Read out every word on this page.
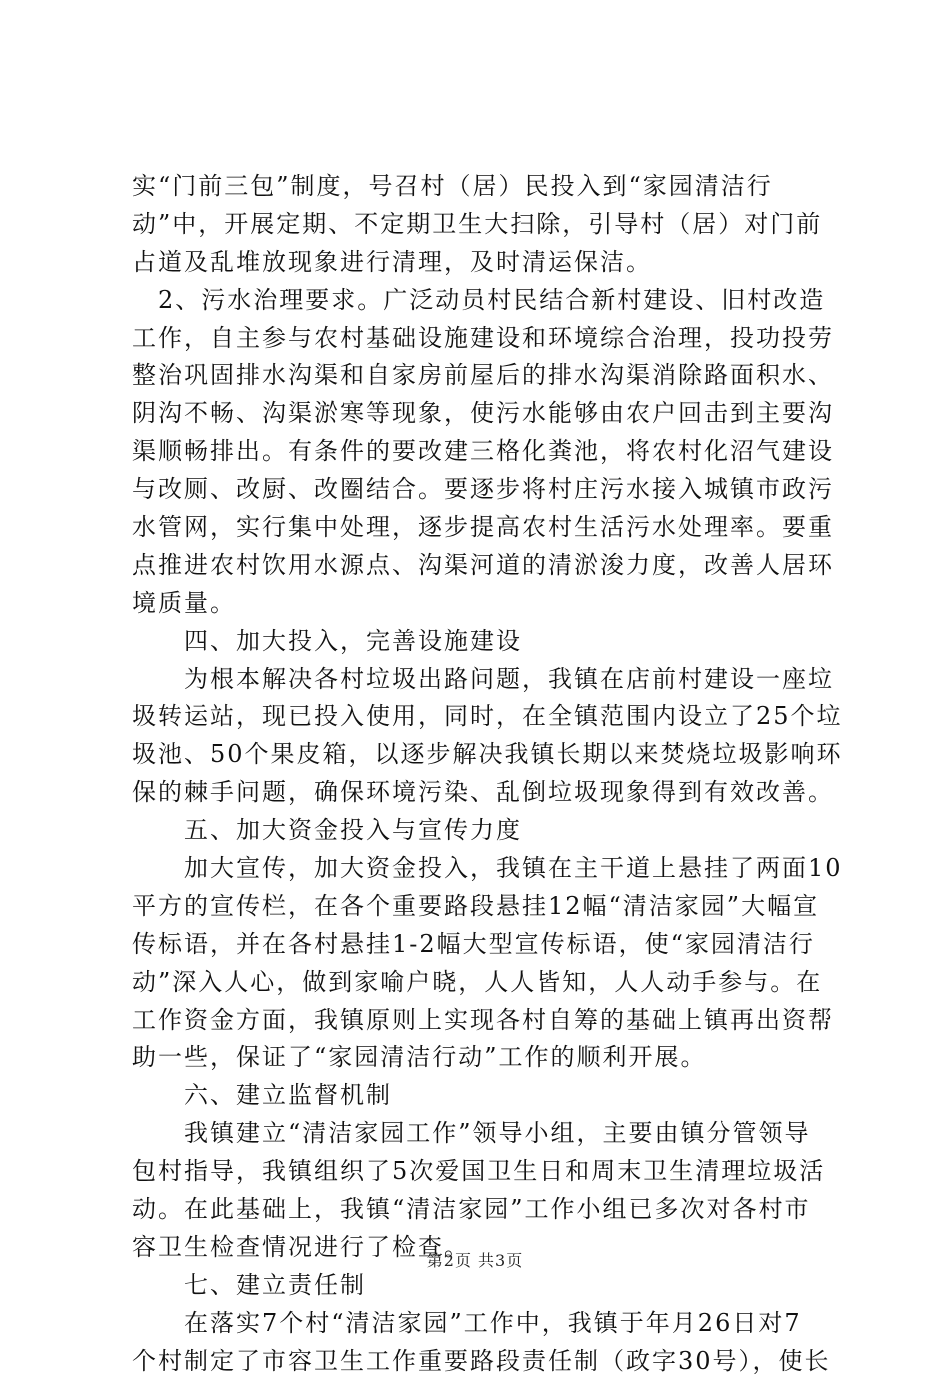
实“门前三包”制度，号召村（居）民投入到“家园清洁行
动”中，开展定期、不定期卫生大扫除，引导村（居）对门前
占道及乱堆放现象进行清理，及时清运保洁。
　2、污水治理要求。广泛动员村民结合新村建设、旧村改造
工作，自主参与农村基础设施建设和环境综合治理，投功投劳
整治巩固排水沟渠和自家房前屋后的排水沟渠消除路面积水、
阴沟不畅、沟渠淤寒等现象，使污水能够由农户回击到主要沟
渠顺畅排出。有条件的要改建三格化粪池，将农村化沼气建设
与改厕、改厨、改圈结合。要逐步将村庄污水接入城镇市政污
水管网，实行集中处理，逐步提高农村生活污水处理率。要重
点推进农村饮用水源点、沟渠河道的清淤浚力度，改善人居环
境质量。
　　四、加大投入，完善设施建设
　　为根本解决各村垃圾出路问题，我镇在店前村建设一座垃
圾转运站，现已投入使用，同时，在全镇范围内设立了25个垃
圾池、50个果皮箱，以逐步解决我镇长期以来焚烧垃圾影响环
保的棘手问题，确保环境污染、乱倒垃圾现象得到有效改善。
　　五、加大资金投入与宣传力度
　　加大宣传，加大资金投入，我镇在主干道上悬挂了两面10
平方的宣传栏，在各个重要路段悬挂12幅“清洁家园”大幅宣
传标语，并在各村悬挂1-2幅大型宣传标语，使“家园清洁行
动”深入人心，做到家喻户晓，人人皆知，人人动手参与。在
工作资金方面，我镇原则上实现各村自筹的基础上镇再出资帮
助一些，保证了“家园清洁行动”工作的顺利开展。
　　六、建立监督机制
　　我镇建立“清洁家园工作”领导小组，主要由镇分管领导
包村指导，我镇组织了5次爱国卫生日和周末卫生清理垃圾活
动。在此基础上，我镇“清洁家园”工作小组已多次对各村市
容卫生检查情况进行了检查。
　　七、建立责任制
　　在落实7个村“清洁家园”工作中，我镇于年月26日对7
个村制定了市容卫生工作重要路段责任制（政字30号），使长
第2页 共3页
